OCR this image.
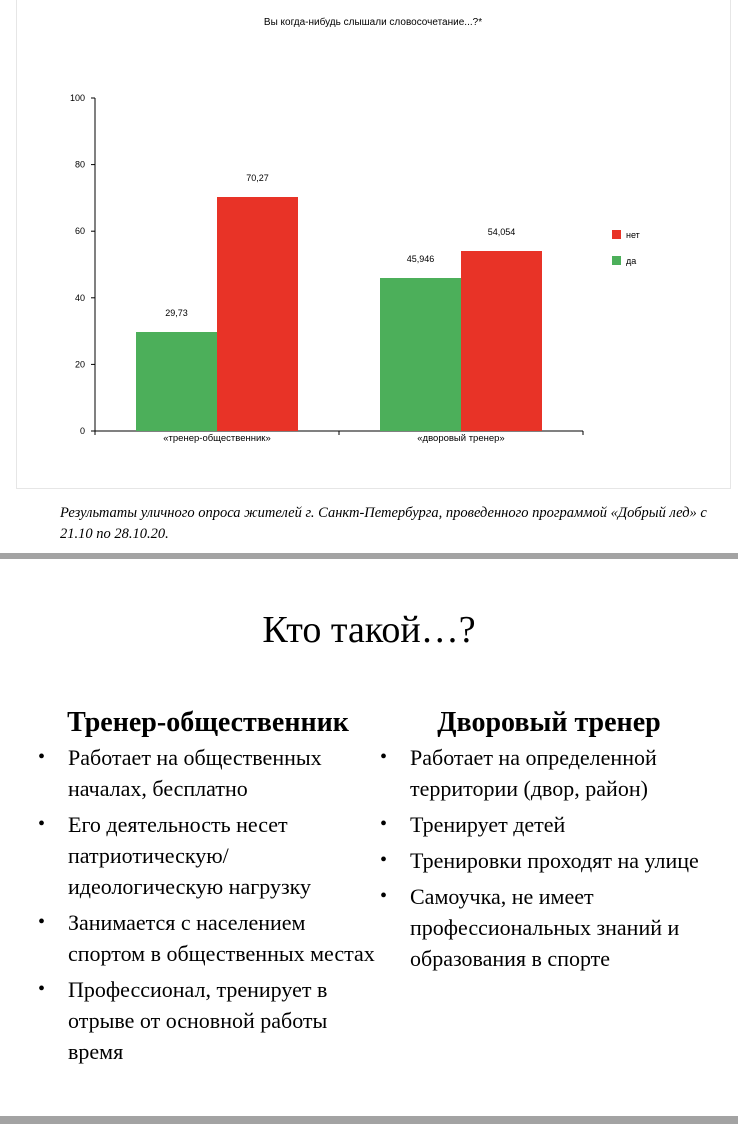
Вы когда-нибудь слышали словосочетание...?*
0
20
40
60
80
100
«тренер-общественник»
29,73
70,27
«дворовый тренер»
45,946
54,054	нет
да
Результаты уличного опроса жителей г. Санкт-Петербурга, проведенного программой «Добрый лед» с 21.10 по 28.10.20.
Кто такой…?
Тренер-общественник
•	Работает на общественных началах, бесплатно
•	Его деятельность несет патриотическую/ идеологическую нагрузку
•	Занимается с населением спортом в общественных местах
•	Профессионал, тренирует в отрыве от основной работы время
Дворовый тренер
•	Работает на определенной территории (двор, район)
•	Тренирует детей
•	Тренировки проходят на улице
•	Самоучка, не имеет профессиональных знаний и образования в спорте
